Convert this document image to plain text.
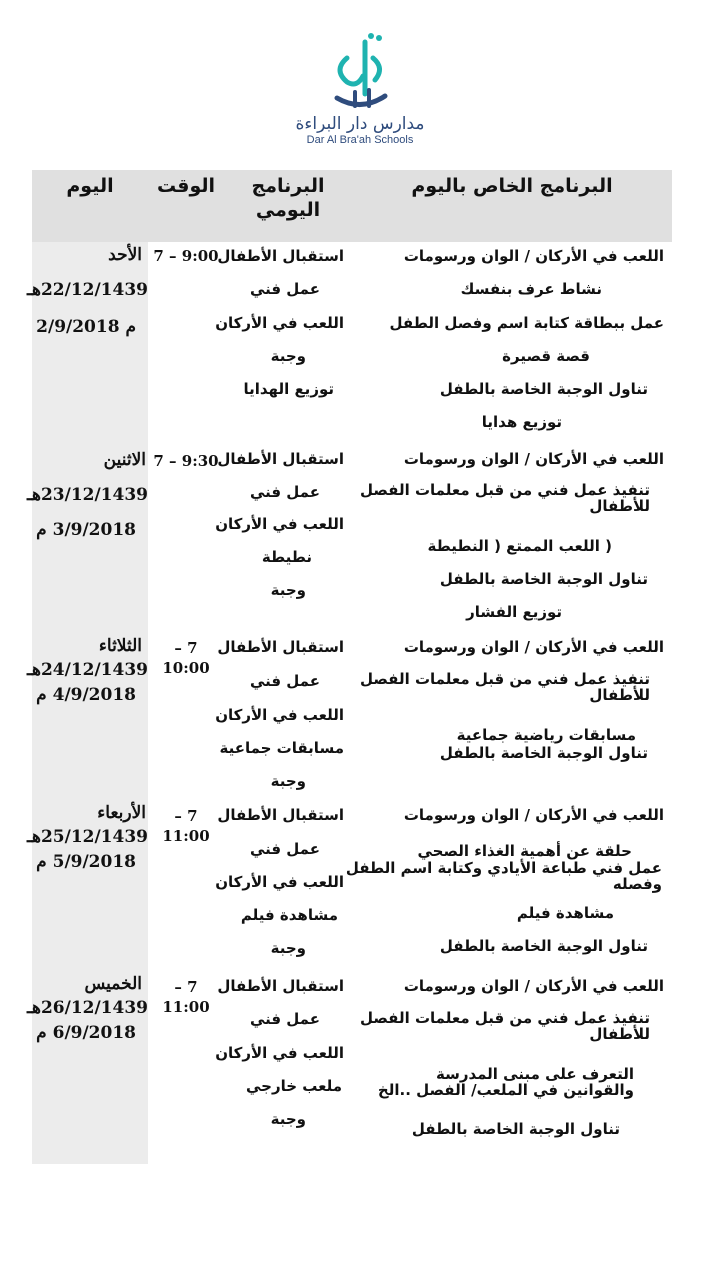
مدارس دار البراءة
Dar Al Bra'ah Schools
اليوم	الوقت	البرنامج
اليومي
البرنامج الخاص باليوم
الأحد
22/12/1439هـ
م 2/9/2018
7 – 9:00
استقبال الأطفال
عمل فني
اللعب في الأركان
وجبة
توزيع الهدايا
اللعب في الأركان / الوان ورسومات
نشاط عرف بنفسك
عمل ببطاقة كتابة اسم وفصل الطفل
قصة قصيرة
تناول الوجبة الخاصة بالطفل
توزيع هدايا
الاثنين
23/12/1439هـ
3/9/2018 م
7 – 9:30
استقبال الأطفال
عمل فني
اللعب في الأركان
نطيطة
وجبة
اللعب في الأركان / الوان ورسومات
تنفيذ عمل فني من قبل معلمات الفصل للأطفال
( اللعب الممتع ( النطيطة
تناول الوجبة الخاصة بالطفل
توزيع الفشار
الثلاثاء
24/12/1439هـ
4/9/2018 م
– 7
10:00
استقبال الأطفال
عمل فني
اللعب في الأركان
مسابقات جماعية
وجبة
اللعب في الأركان / الوان ورسومات
تنفيذ عمل فني من قبل معلمات الفصل للأطفال
مسابقات رياضية جماعية
تناول الوجبة الخاصة بالطفل
الأربعاء
25/12/1439هـ
5/9/2018 م
– 7
11:00
استقبال الأطفال
عمل فني
اللعب في الأركان
مشاهدة فيلم
وجبة
اللعب في الأركان / الوان ورسومات
حلقة عن أهمية الغذاء الصحي
عمل فني طباعة الأيادي وكتابة اسم الطفل وفصله
مشاهدة فيلم
تناول الوجبة الخاصة بالطفل
الخميس
26/12/1439هـ
6/9/2018 م
– 7
11:00
استقبال الأطفال
عمل فني
اللعب في الأركان
ملعب خارجي
وجبة
اللعب في الأركان / الوان ورسومات
تنفيذ عمل فني من قبل معلمات الفصل للأطفال
التعرف على مبنى المدرسة والقوانين في الملعب/ الفصل ..الخ
تناول الوجبة الخاصة بالطفل
